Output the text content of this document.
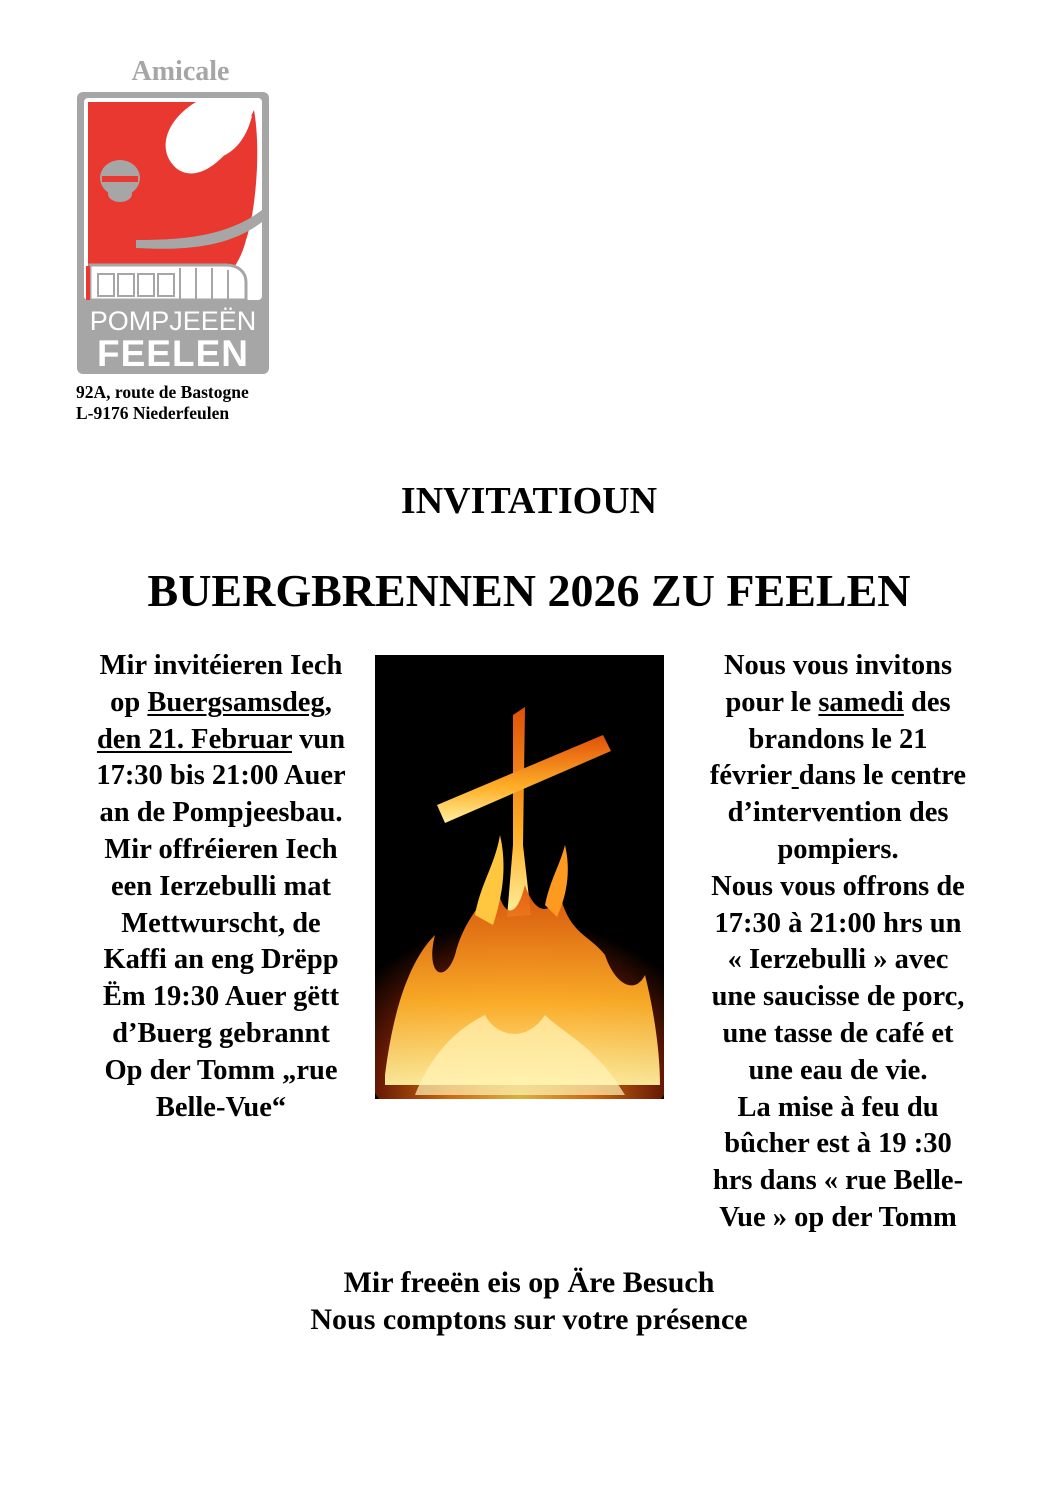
Amicale
POMPJEEËN
FEELEN
92A, route de Bastogne
L-9176 Niederfeulen
INVITATIOUN
BUERGBRENNEN 2026 ZU FEELEN
Mir invitéieren Iech
op Buergsamsdeg,
den 21. Februar vun
17:30 bis 21:00 Auer
an de Pompjeesbau.
Mir offréieren Iech
een Ierzebulli mat
Mettwurscht, de
Kaffi an eng Drëpp
Ëm 19:30 Auer gëtt
d’Buerg gebrannt
Op der Tomm „rue
Belle-Vue“
Nous vous invitons
pour le samedi des
brandons le 21
février dans le centre
d’intervention des
pompiers.
Nous vous offrons de
17:30 à 21:00 hrs un
« Ierzebulli » avec
une saucisse de porc,
une tasse de café et
une eau de vie.
La mise à feu du
bûcher est à 19 :30
hrs dans « rue Belle-
Vue » op der Tomm
Mir freeën eis op Äre Besuch
Nous comptons sur votre présence
